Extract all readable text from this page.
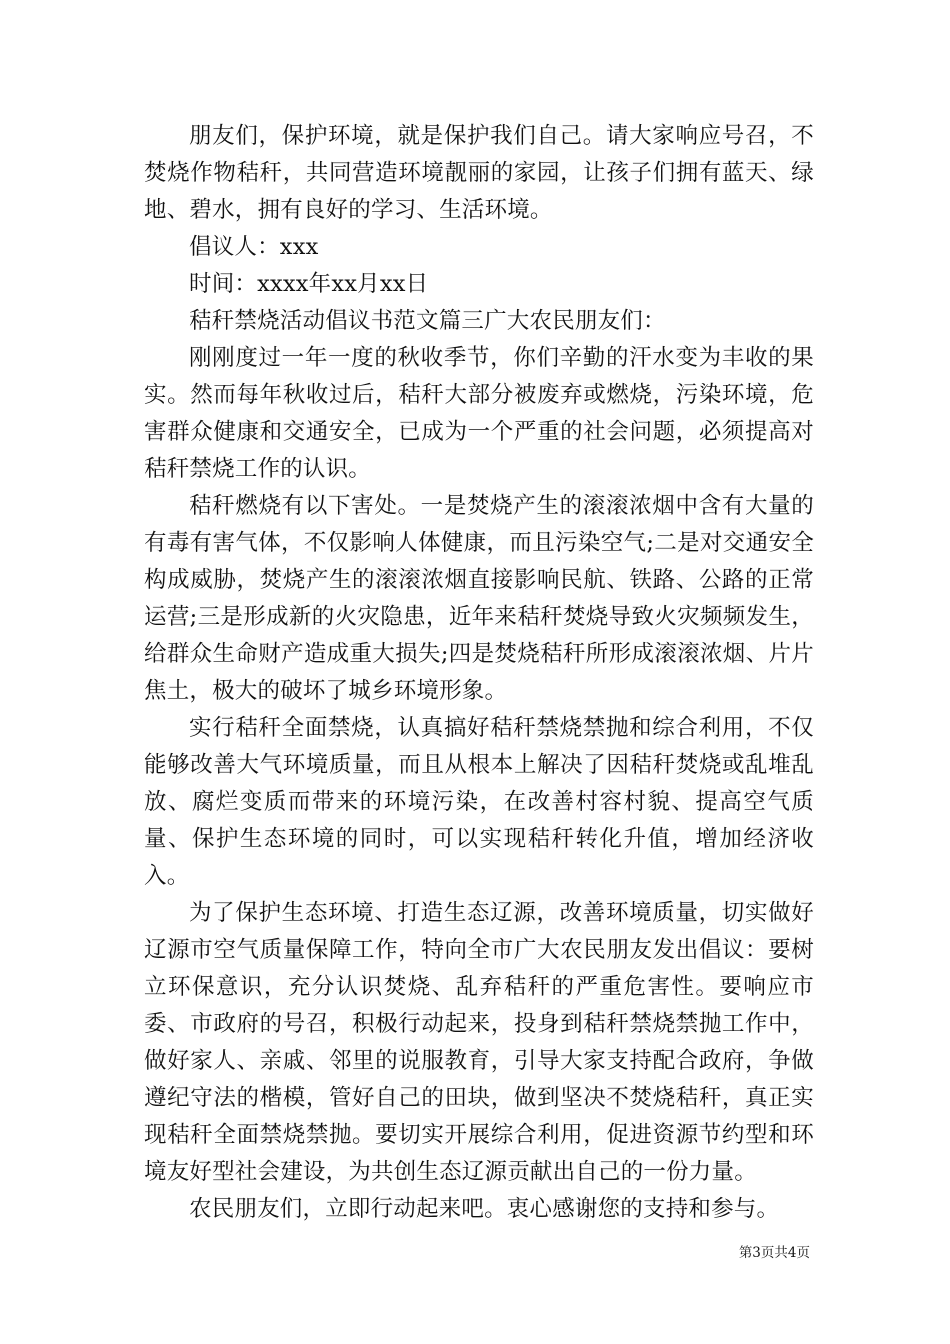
朋友们，保护环境，就是保护我们自己。请大家响应号召，不焚烧作物秸秆，共同营造环境靓丽的家园，让孩子们拥有蓝天、绿地、碧水，拥有良好的学习、生活环境。

倡议人：xxx

时间：xxxx年xx月xx日

秸秆禁烧活动倡议书范文篇三广大农民朋友们：

刚刚度过一年一度的秋收季节，你们辛勤的汗水变为丰收的果实。然而每年秋收过后，秸秆大部分被废弃或燃烧，污染环境，危害群众健康和交通安全，已成为一个严重的社会问题，必须提高对秸秆禁烧工作的认识。

秸秆燃烧有以下害处。一是焚烧产生的滚滚浓烟中含有大量的有毒有害气体，不仅影响人体健康，而且污染空气;二是对交通安全构成威胁，焚烧产生的滚滚浓烟直接影响民航、铁路、公路的正常运营;三是形成新的火灾隐患，近年来秸秆焚烧导致火灾频频发生，给群众生命财产造成重大损失;四是焚烧秸秆所形成滚滚浓烟、片片焦土，极大的破坏了城乡环境形象。

实行秸秆全面禁烧，认真搞好秸秆禁烧禁抛和综合利用，不仅能够改善大气环境质量，而且从根本上解决了因秸秆焚烧或乱堆乱放、腐烂变质而带来的环境污染，在改善村容村貌、提高空气质量、保护生态环境的同时，可以实现秸秆转化升值，增加经济收入。

为了保护生态环境、打造生态辽源，改善环境质量，切实做好辽源市空气质量保障工作，特向全市广大农民朋友发出倡议：要树立环保意识，充分认识焚烧、乱弃秸秆的严重危害性。要响应市委、市政府的号召，积极行动起来，投身到秸秆禁烧禁抛工作中，做好家人、亲戚、邻里的说服教育，引导大家支持配合政府，争做遵纪守法的楷模，管好自己的田块，做到坚决不焚烧秸秆，真正实现秸秆全面禁烧禁抛。要切实开展综合利用，促进资源节约型和环境友好型社会建设，为共创生态辽源贡献出自己的一份力量。

农民朋友们，立即行动起来吧。衷心感谢您的支持和参与。

第3页共4页
